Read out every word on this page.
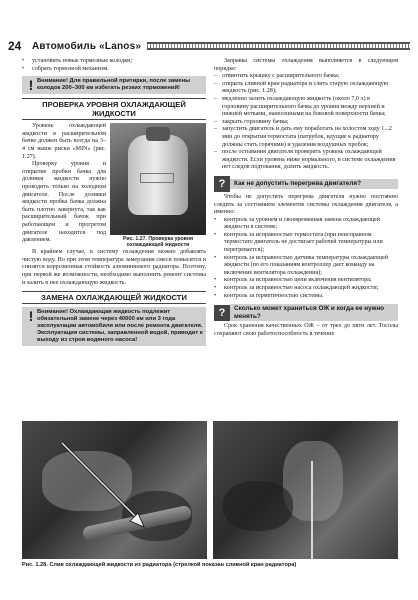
24	Автомобиль «Lanos»
•	установить новые тормозные колодки;
•	собрать тормозной механизм.
! Внимание! Для правильной притирки, после замены колодок 200–300 км избегать резких торможений!
ПРОВЕРКА УРОВНЯ ОХЛАЖДАЮЩЕЙ ЖИДКОСТИ
Рис. 1.27. Проверка уровня охлаждающей жидкости

Уровень охлаждающей жидкости в расширительном бачке должен быть всегда на 3–4 см выше риски «MIN» (рис. 1.27).

Проверку уровня и открытие пробки бачка для доливки жидкости нужно проводить только на холодном двигателе. После доливки жидкости пробка бачка должна быть плотно завернута, так как расширительный бачок при работающем и прогретом двигателе находится под давлением.

В крайнем случае, в систему охлаждения можно добавлять чистую воду. Но при этом температура замерзания смеси повысится и снизятся коррозионная стойкость алюминиевого радиатора. Поэтому, при первой же возможности, необходимо выполнить ремонт системы и залить в нее охлаждающую жидкость.

ЗАМЕНА ОХЛАЖДАЮЩЕЙ ЖИДКОСТИ
! Внимание! Охлаждающая жидкость подлежит обязательной замене через 40000 км или 3 года эксплуатации автомобиля или после ремонта двигателя. Эксплуатация системы, заправленной водой, приводит к выходу из строя водяного насоса!

Заправка системы охлаждения выполняется в следующем порядке:

– отвинтить крышку с расширительного бачка;
– открыть сливной кран радиатора и слить старую охлаждающую жидкость (рис. 1.28);
– медленно залить охлаждающую жидкость (около 7,0 л) в горловину расширительного бачка до уровня между верхней и нижней метками, нанесенными на боковой поверхности бачка;
– закрыть горловину бачка;
– запустить двигатель и дать ему поработать на холостом ходу 1...2 мин до открытия термостата (патрубок, идущие к радиатору должны стать горячими) и удаления воздушных пробок;
– после остывания двигателя проверить уровень охлаждающей жидкости. Если уровень ниже нормального, в системе охлаждения нет следов подтекания, долить жидкость.
?	Как не допустить перегрева двигателя?

Чтобы не допустить перегрева двигателя нужно постоянно следить за состоянием элементов системы охлаждения двигателя, а именно:

•	контроль за уровнем и своевременная замена охлаждающей жидкости в системе;
•	контроль за исправностью термостата (при неисправном термостате двигатель не достигает рабочей температуры или перегревается);
•	контроль за исправностью датчика температуры охлаждающей жидкости (по его показаниям контроллер дает команду на включение вентилятора охлаждения);
•	контроль за исправностью цепи включения вентилятора;
•	контроль за исправностью насоса охлаждающей жидкости;
•	контроль за герметичностью системы.
?	Сколько может храниться ОЖ и когда ее нужно менять?

Срок хранения качественных ОЖ – от трех до пяти лет. Тосолы сохраняют свою работоспособность в течение

Рис. 1.28. Слив охлаждающей жидкости из радиатора (стрелкой показан сливной кран радиатора)
